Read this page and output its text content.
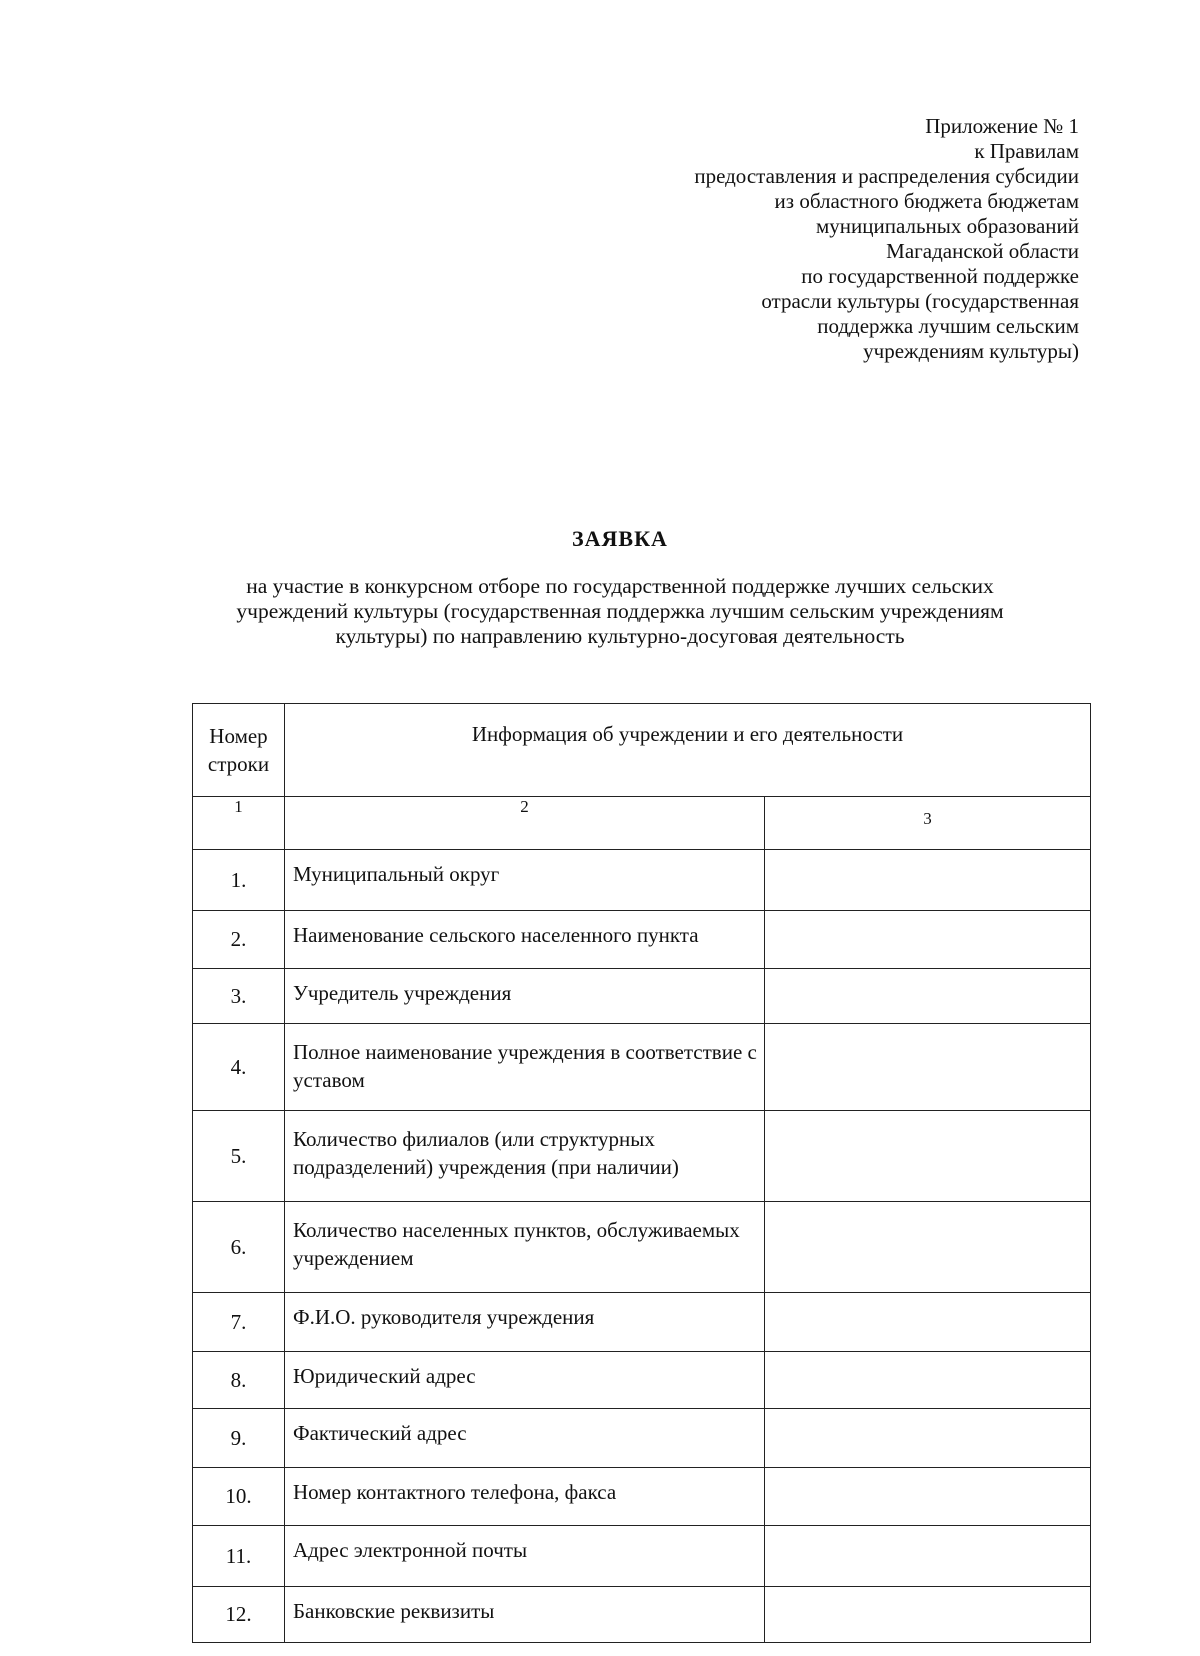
Приложение № 1
к Правилам
предоставления и распределения субсидии
из областного бюджета бюджетам
муниципальных образований
Магаданской области
по государственной поддержке
отрасли культуры (государственная
поддержка лучшим сельским
учреждениям культуры)
ЗАЯВКА
на участие в конкурсном отборе по государственной поддержке лучших сельских
учреждений культуры (государственная поддержка лучшим сельским учреждениям
культуры) по направлению культурно-досуговая деятельность
Номер
строки	Информация об учреждении и его деятельности	
1	2	3
1.	Муниципальный округ	
2.	Наименование сельского населенного пункта	
3.	Учредитель учреждения	
4.	Полное наименование учреждения в соответствие с уставом	
5.	Количество филиалов (или структурных подразделений) учреждения (при наличии)	
6.	Количество населенных пунктов, обслуживаемых учреждением	
7.	Ф.И.О. руководителя учреждения	
8.	Юридический адрес	
9.	Фактический адрес	
10.	Номер контактного телефона, факса	
11.	Адрес электронной почты	
12.	Банковские реквизиты	
